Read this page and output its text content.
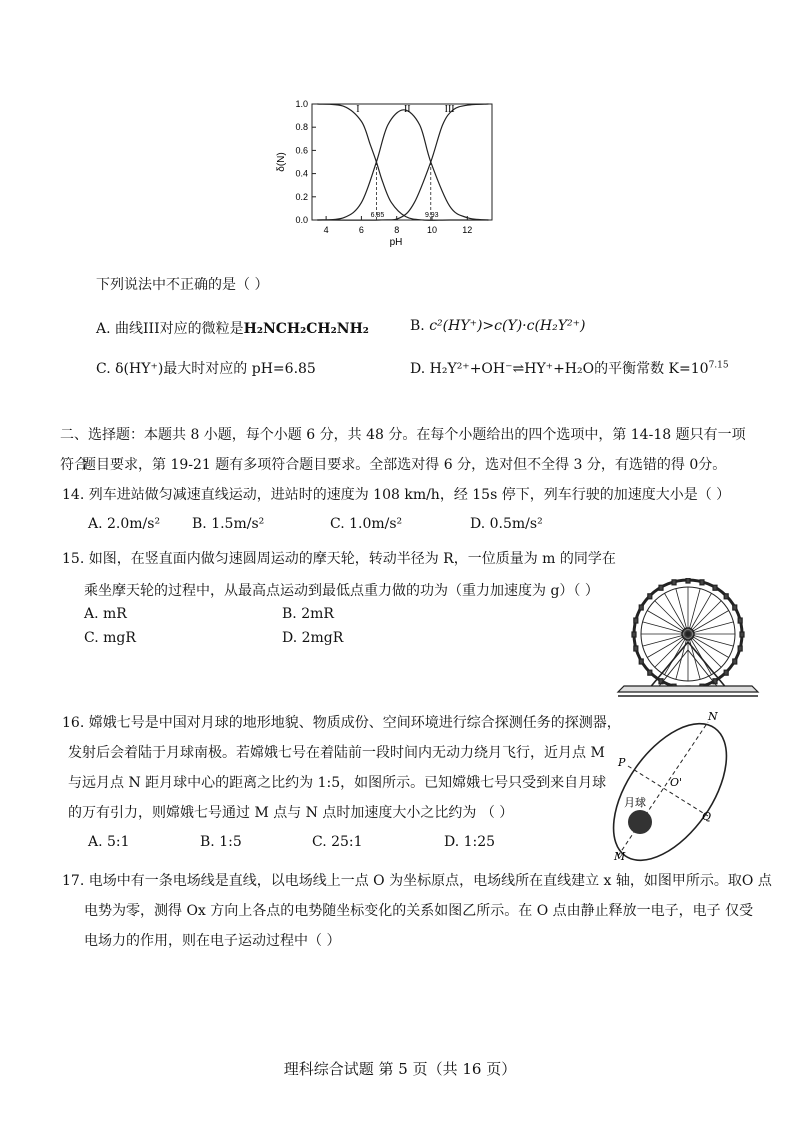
0.0
0.2
0.4
0.6
0.8
1.0
4	6	8	10	12
pH
δ(N)
I	II	III
6.85	9.93
下列说法中不正确的是（ ）
A. 曲线III对应的微粒是H₂NCH₂CH₂NH₂	B. c²(HY⁺)>c(Y)·c(H₂Y²⁺)
C. δ(HY⁺)最大时对应的 pH=6.85	D. H₂Y²⁺+OH⁻⇌HY⁺+H₂O的平衡常数 $K=10^{7.15}$
二、选择题：本题共 8 小题，每个小题 6 分，共 48 分。在每个小题给出的四个选项中，第 14-18 题只有一项符合
题目要求，第 19-21 题有多项符合题目要求。全部选对得 6 分，选对但不全得 3 分，有选错的得 0分。
14. 列车进站做匀减速直线运动，进站时的速度为 108 km/h，经 15s 停下，列车行驶的加速度大小是（ ）
A. 2.0m/s² B. 1.5m/s²	C. 1.0m/s²	D. 0.5m/s²
15. 如图，在竖直面内做匀速圆周运动的摩天轮，转动半径为 R，一位质量为 m 的同学在
乘坐摩天轮的过程中，从最高点运动到最低点重力做的功为（重力加速度为 g）（ ）
A. mR	B. 2mR
C. mgR	D. 2mgR
16. 嫦娥七号是中国对月球的地形地貌、物质成份、空间环境进行综合探测任务的探测器，
发射后会着陆于月球南极。若嫦娥七号在着陆前一段时间内无动力绕月飞行，近月点 M
与远月点 N 距月球中心的距离之比约为 1:5，如图所示。已知嫦娥七号只受到来自月球
的万有引力，则嫦娥七号通过 M 点与 N 点时加速度大小之比约为 （ ）
A. 5:1	B. 1:5	C. 25:1	D. 1:25
N
P
O'
Q
M
月球
17. 电场中有一条电场线是直线，以电场线上一点 O 为坐标原点，电场线所在直线建立 x 轴，如图甲所示。取O 点
电势为零，测得 Ox 方向上各点的电势随坐标变化的关系如图乙所示。在 O 点由静止释放一电子，电子 仅受
电场力的作用，则在电子运动过程中（ ）
理科综合试题 第 5 页（共 16 页）
